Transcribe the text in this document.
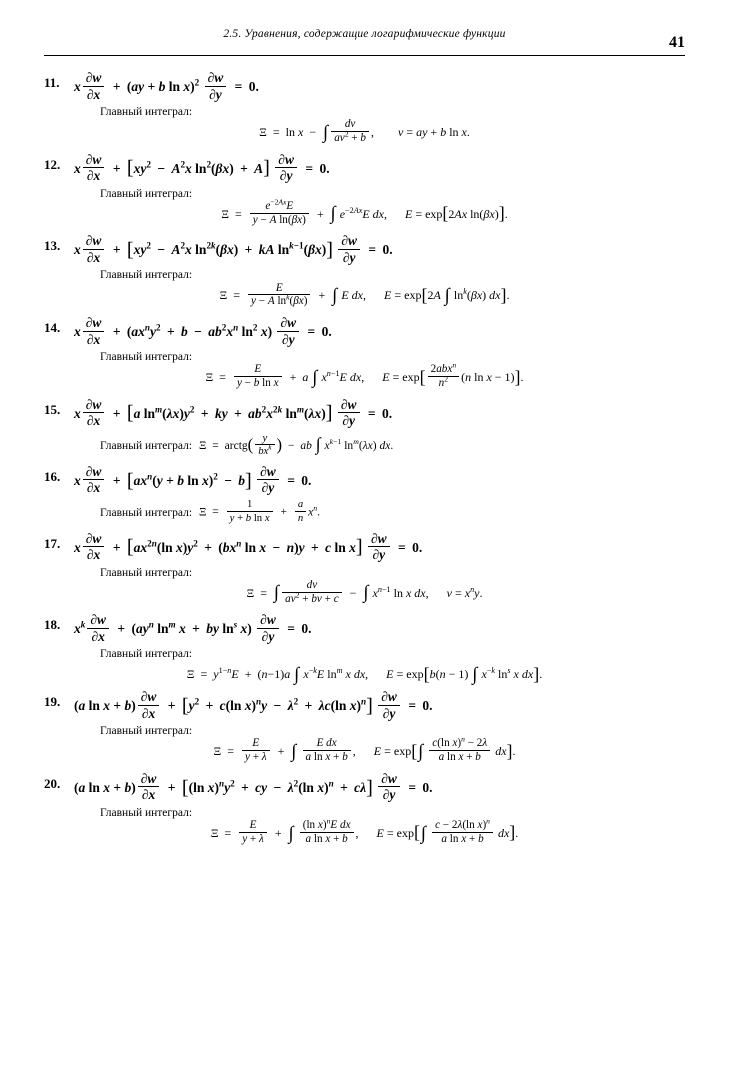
2.5. Уравнения, содержащие логарифмические функции	41
11.	x $\frac{\partial w}{\partial x} + (ay + b$ $\ln x)^2 \frac{\partial w}{\partial y} = 0$.
Главный интеграл:
Ξ = ln x − ∫ $\frac{dv}{av^2 + b}$ ,        v = ay + b ln x.
12.	x $\frac{\partial w}{\partial x} + [xy^2 - A^2x$ $\ln^2(\beta x) + A] \frac{\partial w}{\partial y} = 0$.
Главный интеграл:
$\Xi = \frac{e^{-2Ax}E}{\text{y − A ln(βx)}}$ + ∫ $e^{-2Ax}E$ dx,      E = exp[2Ax ln(βx)].
13.	x $\frac{\partial w}{\partial x} + [xy^2 - A^2x$ $\ln^{2k}(\beta x)$ + kA $\ln^{k-1}(\beta x)] \frac{\partial w}{\partial y} = 0$.
Главный интеграл:
$\Xi = \frac{E}{y - A \ln^k(\beta x)}$ + ∫ E dx,      E = exp[2A ∫ $\ln^k(\beta x)$ dx].
14.	x $\frac{\partial w}{\partial x} + (ax^ny^2 + b - ab^2x^n$ $\ln^2 x) \frac{\partial w}{\partial y} = 0$.
Главный интеграл:
$\Xi = \frac{E}{\text{y − b ln x}} + a$ ∫ $x^{n-1}E$ dx,      $E = \exp[ \frac{2abx^n}{n^2} (n$ ln x − 1)].
15.	x $\frac{\partial w}{\partial x} + [a$ $\ln^m(\lambda x)y^2$ + ky + $ab^2x^{2k}$ $\ln^m(\lambda x)] \frac{\partial w}{\partial y} = 0$.
Главный интеграл: Ξ = arctg( $\frac{y}{bx^k}$ ) − ab ∫ $x^{k-1}$ $\ln^m(\lambda x)$ dx.
16.	x $\frac{\partial w}{\partial x} + [ax^n(y + b$ $\ln x)^2 - b] \frac{\partial w}{\partial y} = 0$.
Главный интеграл: $\Xi = \frac{1}{\text{y + b ln x}} + \frac{a}{n} x^n$.
17.	x $\frac{\partial w}{\partial x} + [ax^{2n}(\ln$ $x)y^2 + (bx^n$ ln x − n)y + c $\ln x] \frac{\partial w}{\partial y} = 0$.
Главный интеграл:
Ξ = ∫ $\frac{dv}{av^2 + bv + c}$ − ∫ $x^{n-1}$ ln x dx,      $v = x^ny$.
18.	$x^k \frac{\partial w}{\partial x} + (ay^n$ $\ln^m x$ + by $\ln^s x) \frac{\partial w}{\partial y} = 0$.
Главный интеграл:
$\Xi = y^{1-n}E + (n-1)a$ ∫ $x^{-k}E$ $\ln^m x$ dx,      E = exp[b(n − 1) ∫ $x^{-k}$ $\ln^s x$ dx].
19.	(a $\ln x + b) \frac{\partial w}{\partial x} + [y^2 + c(\ln$ $x)^ny - \lambda^2 + \lambda c(\ln$ $x)^n] \frac{\partial w}{\partial y} = 0$.
Главный интеграл:
$\Xi = \frac{E}{y + \lambda}$ + ∫ $\frac{\text{E dx}}{\text{a ln x + b}}$ ,      $E = \exp[\int \frac{c(\ln x)^n - 2\lambda}{\text{a ln x + b}} dx]$.
20.	(a $\ln x + b) \frac{\partial w}{\partial x} + [(\ln$ $x)^ny^2$ + cy − $\lambda^2(\ln$ $x)^n + c\lambda] \frac{\partial w}{\partial y} = 0$.
Главный интеграл:
$\Xi = \frac{E}{y + \lambda}$ + ∫ $\frac{(\ln x)^nE dx}{\text{a ln x + b}}$ ,      $E = \exp[\int \frac{c - 2\lambda(\ln x)^n}{\text{a ln x + b}} dx]$.
